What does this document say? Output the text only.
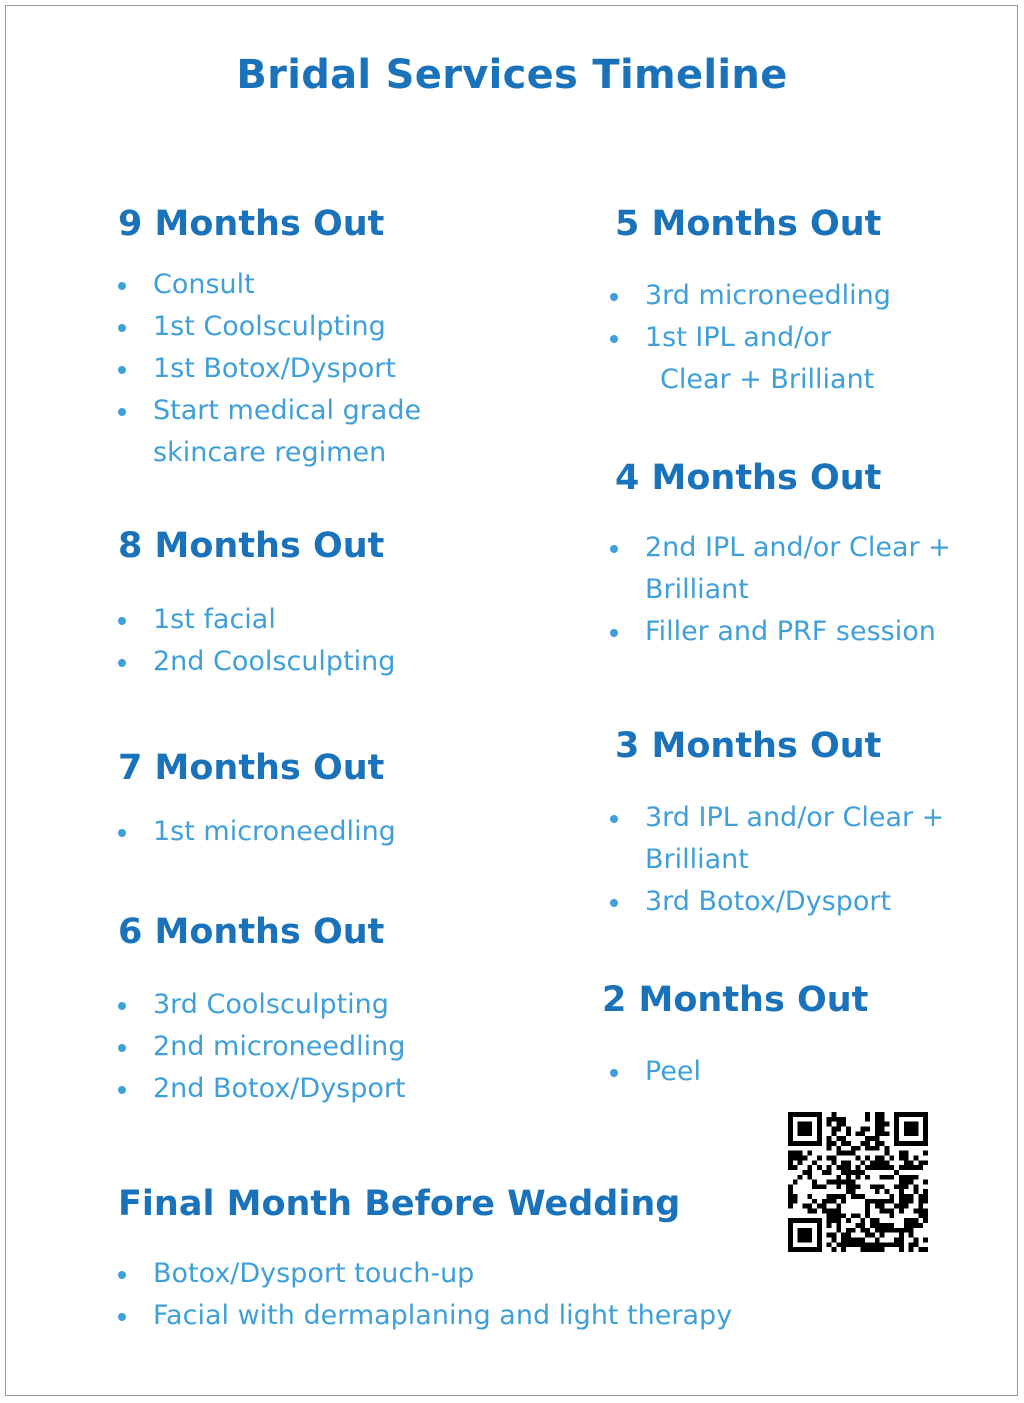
Bridal Services Timeline
9 Months Out
Consult
1st Coolsculpting
1st Botox/Dysport
Start medical grade skincare regimen
8 Months Out
1st facial
2nd Coolsculpting
7 Months Out
1st microneedling
6 Months Out
3rd Coolsculpting
2nd microneedling
2nd Botox/Dysport
5 Months Out
3rd microneedling
1st IPL and/or
Clear + Brilliant
4 Months Out
2nd IPL and/or Clear + Brilliant
Filler and PRF session
3 Months Out
3rd IPL and/or Clear + Brilliant
3rd Botox/Dysport
2 Months Out
Peel
Final Month Before Wedding
Botox/Dysport touch-up
Facial with dermaplaning and light therapy
